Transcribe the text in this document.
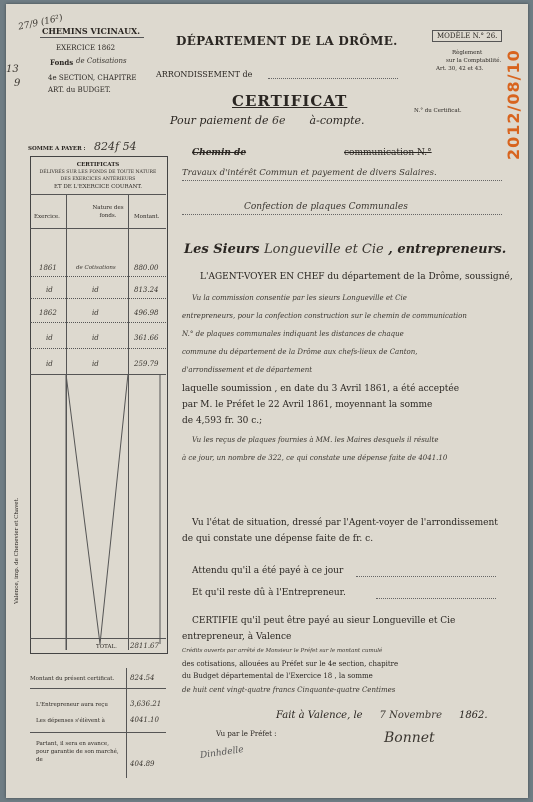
2012/08/10
27/9 (16²)
13
9
CHEMINS VICINAUX.
EXERCICE 1862
Fonds de Cotisations
4e SECTION, CHAPITRE
ART. du BUDGET.
SOMME A PAYER : 824f 54
DÉPARTEMENT DE LA DRÔME.
ARRONDISSEMENT de
CERTIFICAT
Pour paiement de 6e à-compte.
MODÈLE N.° 26.
Règlement
sur la Comptabilité.
Art. 30, 42 et 43.
N.° du Certificat.
CERTIFICATS
DÉLIVRÉS SUR LES FONDS DE TOUTE NATURE
DES EXERCICES ANTÉRIEURS
ET DE L'EXERCICE COURANT.
Exercice.
Nature des fonds.	Montant.
1861	de Cotisations	880.00
id	id	813.24
1862	id	496.98
id	id	361.66
id	id	259.79
Valence, imp. de Chenevier et Chavet.
TOTAL. 2811.67
Montant du présent certificat. 824.54
L'Entrepreneur aura reçu	3,636.21
Les dépenses s'élèvent à	4041.10
Partant, il sera en avance, pour garantie de son marché, de	404.89
Chemin de	communication N.°
Travaux d'intérêt Commun et payement de divers Salaires.
Confection de plaques Communales
Les Sieurs Longueville et Cie , entrepreneurs.
L'AGENT-VOYER EN CHEF du département de la Drôme, soussigné,
Vu la commission consentie par les sieurs Longueville et Cie
entrepreneurs, pour la confection construction sur le chemin de communication
N.° de plaques communales indiquant les distances de chaque
commune du département de la Drôme aux chefs-lieux de Canton,
d'arrondissement et de département
laquelle soumission , en date du 3 Avril 1861, a été acceptée
par M. le Préfet le 22 Avril 1861, moyennant la somme
de 4,593 fr. 30 c.;
Vu les reçus de plaques fournies à MM. les Maires desquels il résulte
à ce jour, un nombre de 322, ce qui constate une dépense faite de 4041.10
Vu l'état de situation, dressé par l'Agent-voyer de l'arrondissement
de qui constate une dépense faite de fr. c.
Attendu qu'il a été payé à ce jour
Et qu'il reste dû à l'Entrepreneur.
CERTIFIE qu'il peut être payé au sieur Longueville et Cie
entrepreneur, à Valence
Crédits ouverts par arrêté de Monsieur le Préfet sur le montant cumulé
des cotisations, allouées au Préfet sur le 4e section, chapitre
du Budget départemental de l'Exercice 18 , la somme
de huit cent vingt-quatre francs Cinquante-quatre Centimes
Fait à Valence, le 7 Novembre 1862.
Vu par le Préfet :	Bonnet
Dinhdelle
